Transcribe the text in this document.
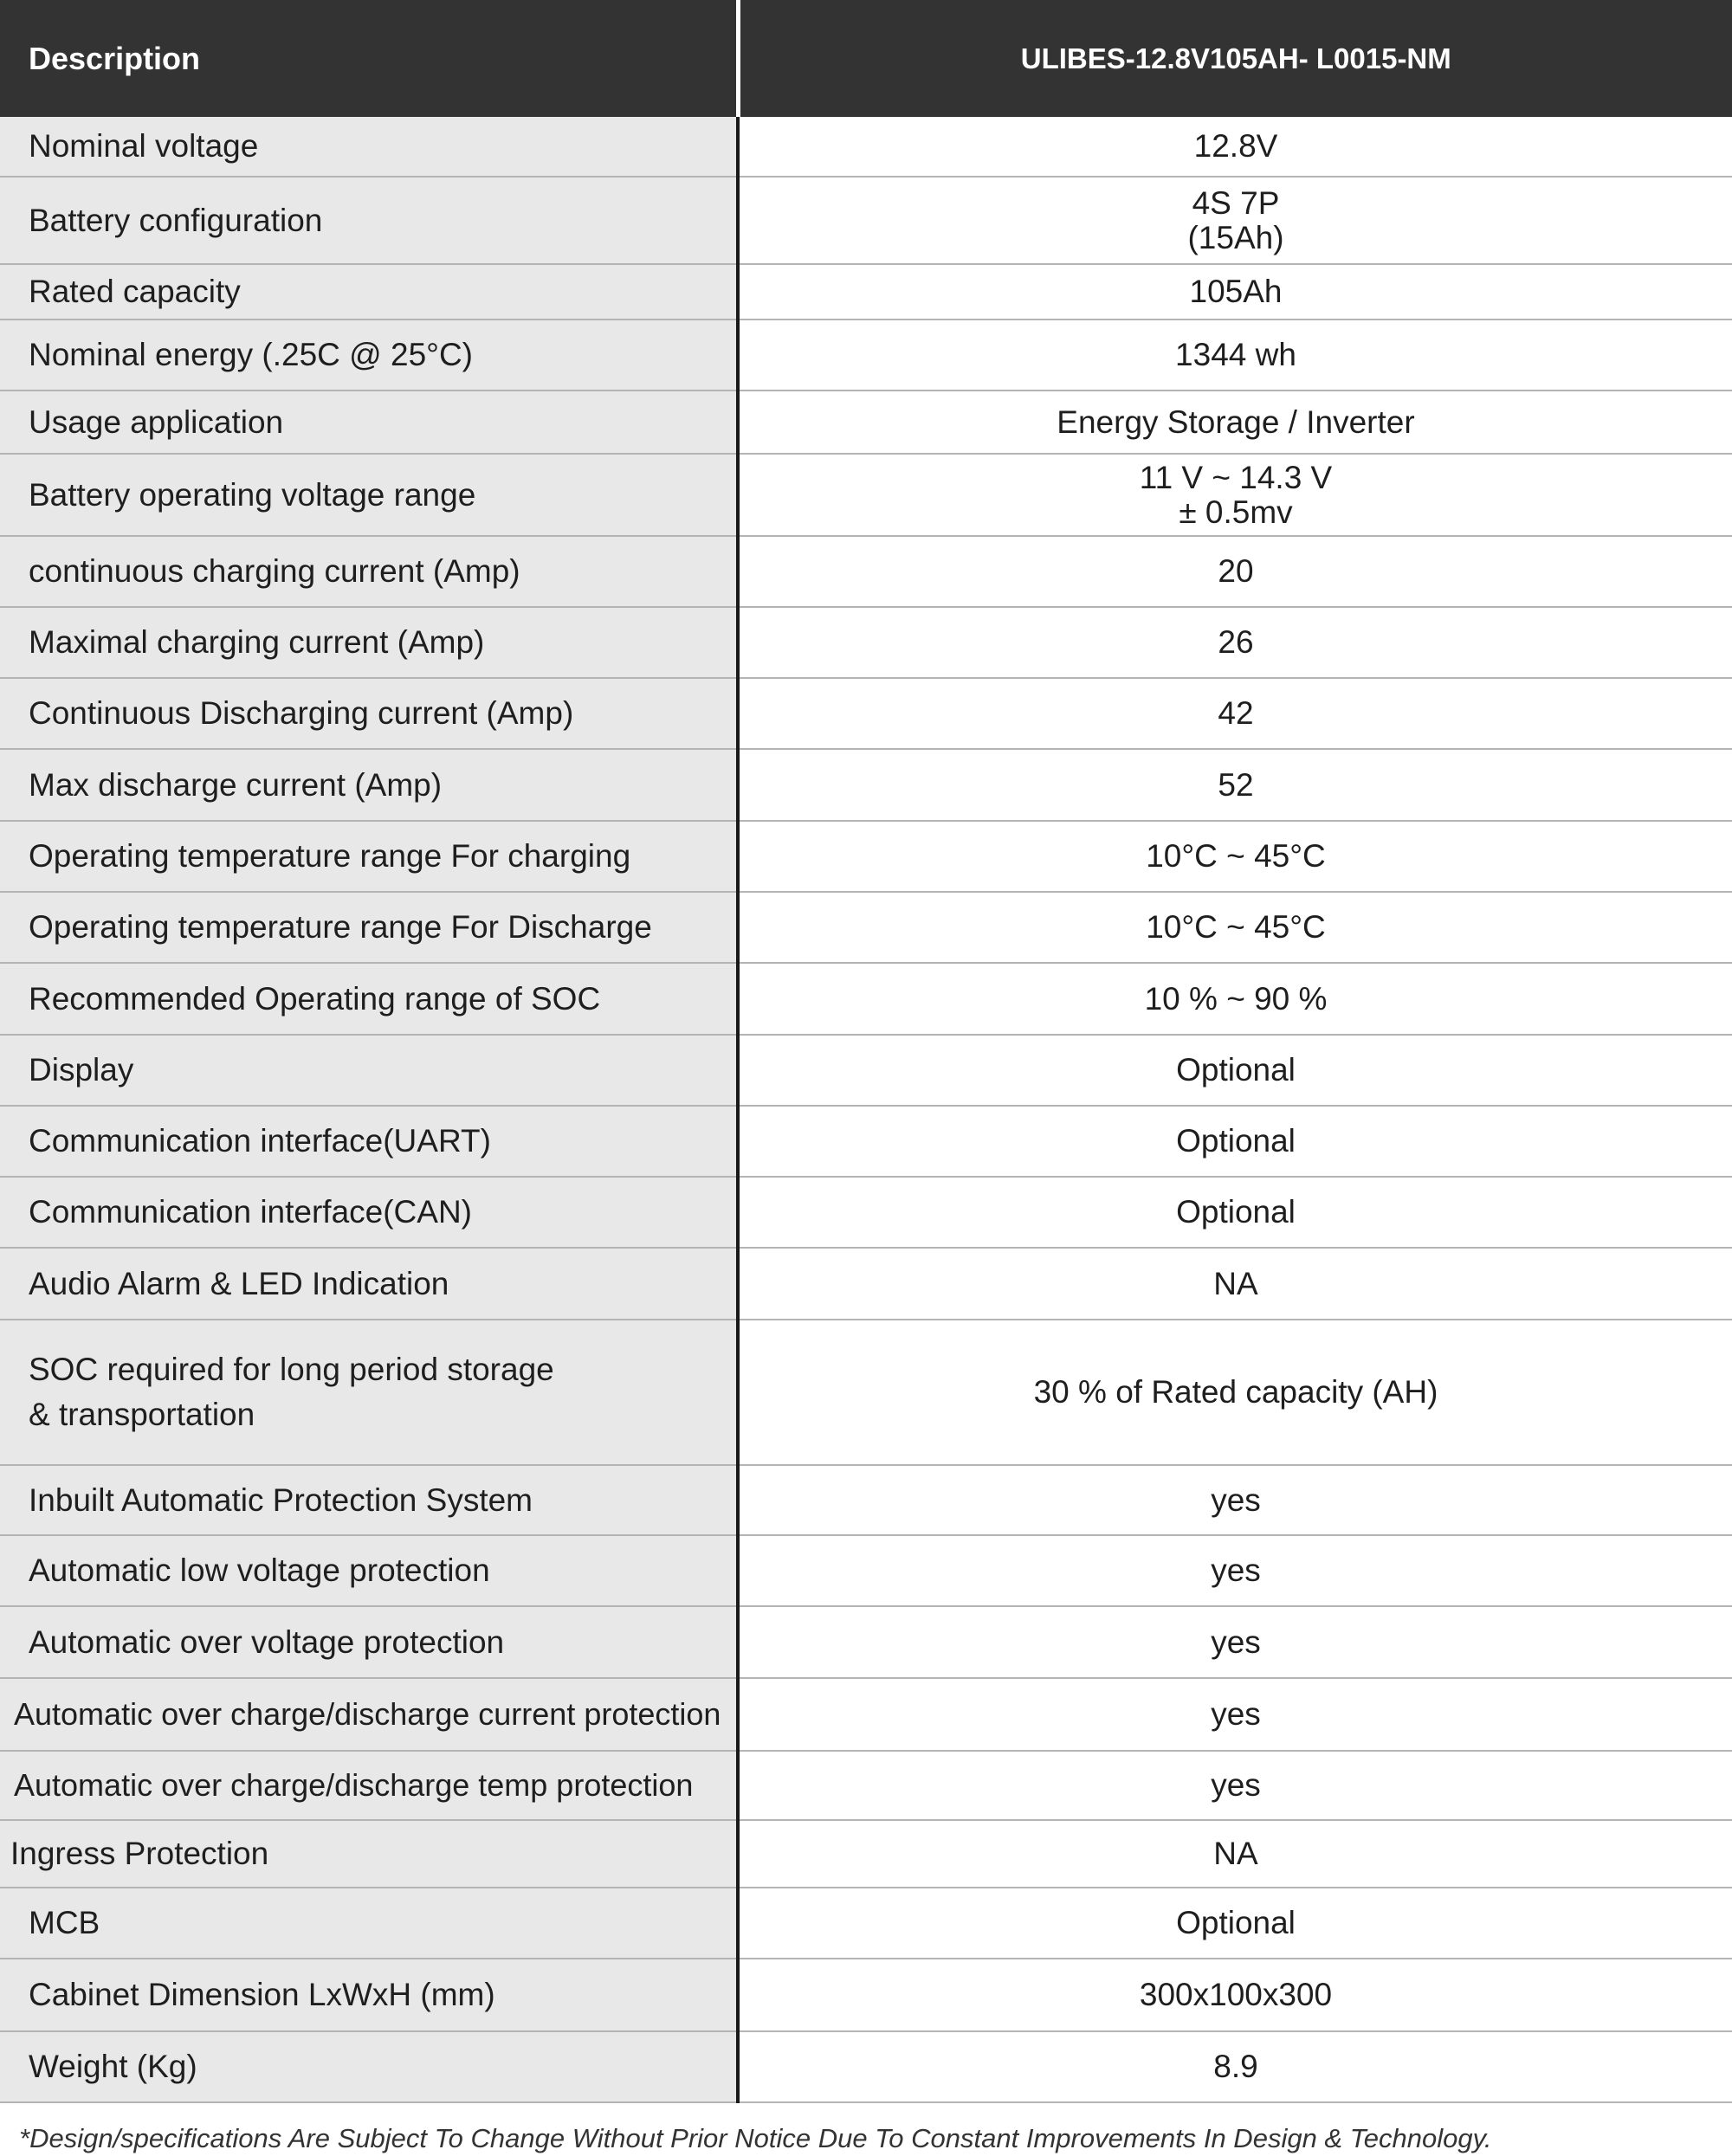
Description	ULIBES-12.8V105AH- L0015-NM
Nominal voltage	12.8V
Battery configuration	4S 7P
(15Ah)

Rated capacity	105Ah
Nominal energy (.25C @ 25°C)	1344 wh
Usage application	Energy Storage / Inverter
Battery operating voltage range	11 V ~ 14.3 V
± 0.5mv

continuous charging current (Amp)	20
Maximal charging current (Amp)	26
Continuous Discharging current (Amp)	42
Max discharge current (Amp)	52
Operating temperature range For charging	10°C ~ 45°C
Operating temperature range For Discharge	10°C ~ 45°C
Recommended Operating range of SOC	10 % ~ 90 %
Display	Optional
Communication interface(UART)	Optional
Communication interface(CAN)	Optional
Audio Alarm & LED Indication	NA

SOC required for long period storage
& transportation	30 % of Rated capacity (AH)
Inbuilt Automatic Protection System	yes
Automatic low voltage protection	yes
Automatic over voltage protection	yes
Automatic over charge/discharge current protection	yes
Automatic over charge/discharge temp protection	yes
Ingress Protection	NA
MCB	Optional
Cabinet Dimension LxWxH (mm)	300x100x300
Weight (Kg)	8.9
*Design/specifications Are Subject To Change Without Prior Notice Due To Constant Improvements In Design & Technology.
